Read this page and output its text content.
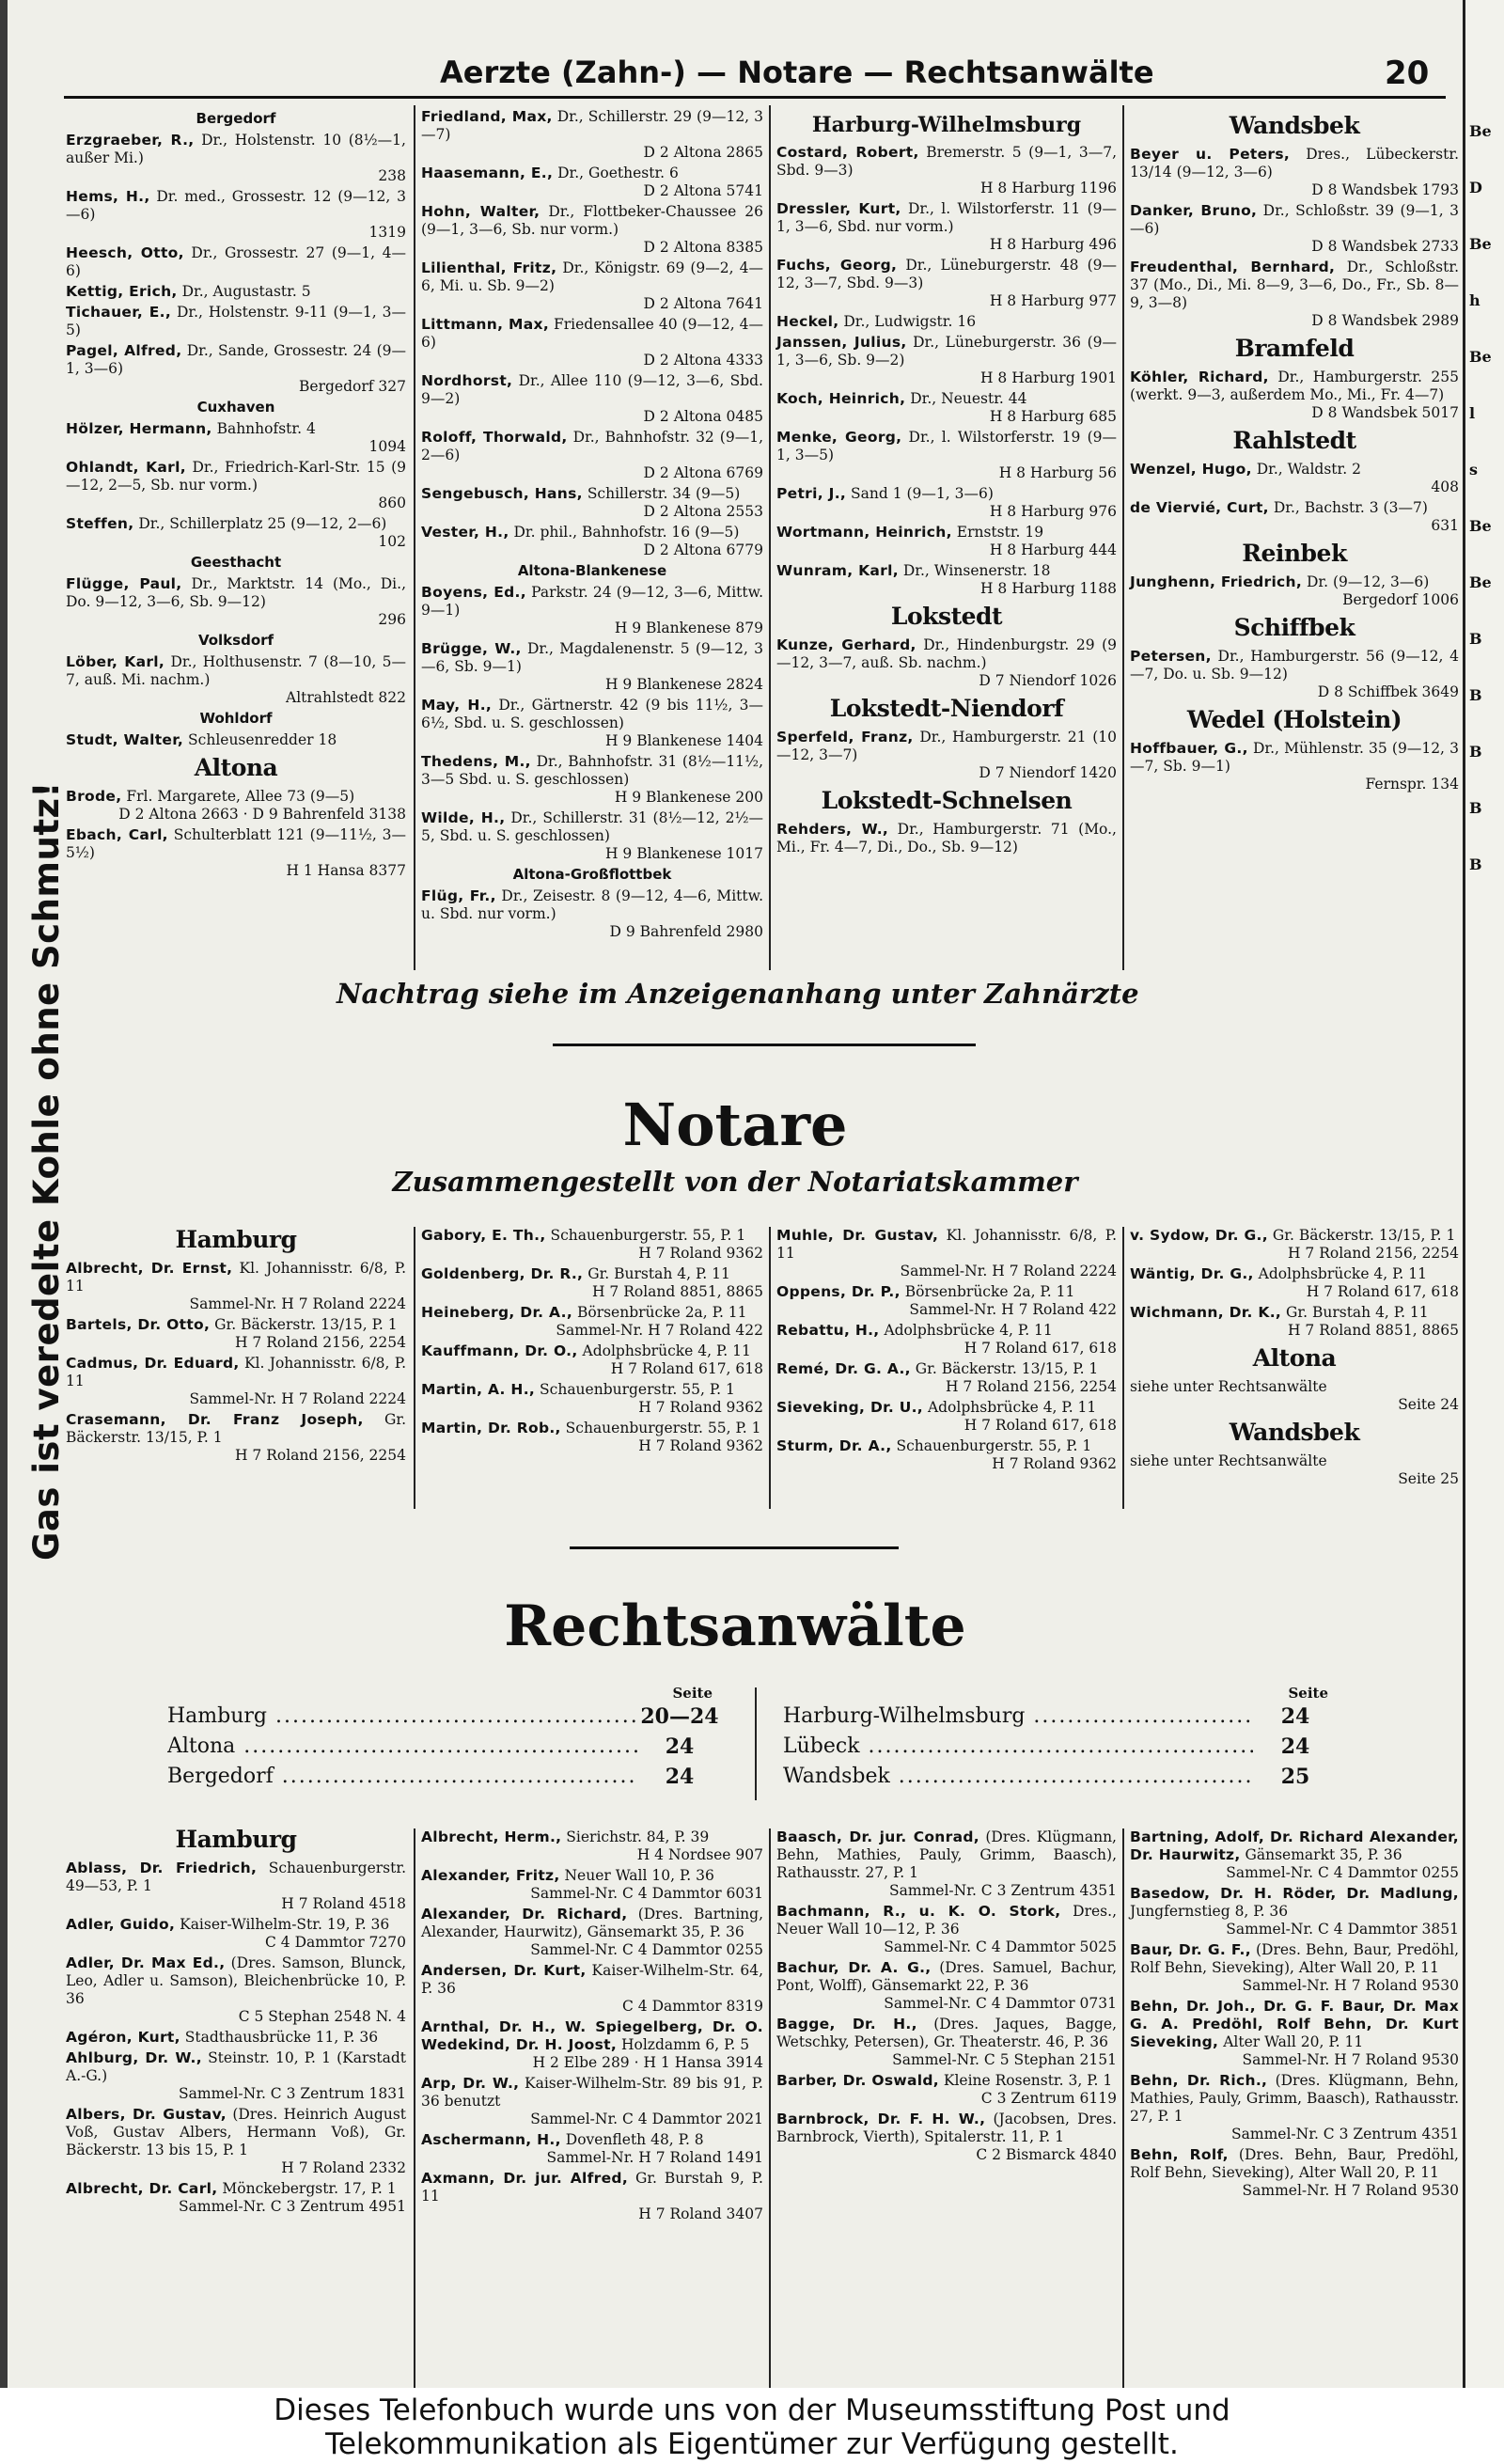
Aerzte (Zahn-) — Notare — Rechtsanwälte	20
Gas ist veredelte Kohle ohne Schmutz!
Bergedorf
Erzgraeber, R., Dr., Holstenstr. 10 (8½—1, außer Mi.)
238
Hems, H., Dr. med., Grossestr. 12 (9—12, 3—6)
1319
Heesch, Otto, Dr., Grossestr. 27 (9—1, 4—6)
Kettig, Erich, Dr., Augustastr. 5
Tichauer, E., Dr., Holstenstr. 9-11 (9—1, 3—5)
Pagel, Alfred, Dr., Sande, Grossestr. 24 (9—1, 3—6)
Bergedorf 327
Cuxhaven
Hölzer, Hermann, Bahnhofstr. 4
1094
Ohlandt, Karl, Dr., Friedrich-Karl-Str. 15 (9—12, 2—5, Sb. nur vorm.)
860
Steffen, Dr., Schillerplatz 25 (9—12, 2—6)
102
Geesthacht
Flügge, Paul, Dr., Marktstr. 14 (Mo., Di., Do. 9—12, 3—6, Sb. 9—12)
296
Volksdorf
Löber, Karl, Dr., Holthusenstr. 7 (8—10, 5—7, auß. Mi. nachm.)
Altrahlstedt 822
Wohldorf
Studt, Walter, Schleusenredder 18
Altona
Brode, Frl. Margarete, Allee 73 (9—5)
D 2 Altona 2663 · D 9 Bahrenfeld 3138
Ebach, Carl, Schulterblatt 121 (9—11½, 3—5½)
H 1 Hansa 8377
Friedland, Max, Dr., Schillerstr. 29 (9—12, 3—7)
D 2 Altona 2865
Haasemann, E., Dr., Goethestr. 6
D 2 Altona 5741
Hohn, Walter, Dr., Flottbeker-Chaussee 26 (9—1, 3—6, Sb. nur vorm.)
D 2 Altona 8385
Lilienthal, Fritz, Dr., Königstr. 69 (9—2, 4—6, Mi. u. Sb. 9—2)
D 2 Altona 7641
Littmann, Max, Friedensallee 40 (9—12, 4—6)
D 2 Altona 4333
Nordhorst, Dr., Allee 110 (9—12, 3—6, Sbd. 9—2)
D 2 Altona 0485
Roloff, Thorwald, Dr., Bahnhofstr. 32 (9—1, 2—6)
D 2 Altona 6769
Sengebusch, Hans, Schillerstr. 34 (9—5)
D 2 Altona 2553
Vester, H., Dr. phil., Bahnhofstr. 16 (9—5)
D 2 Altona 6779
Altona-Blankenese
Boyens, Ed., Parkstr. 24 (9—12, 3—6, Mittw. 9—1)
H 9 Blankenese 879
Brügge, W., Dr., Magdalenenstr. 5 (9—12, 3—6, Sb. 9—1)
H 9 Blankenese 2824
May, H., Dr., Gärtnerstr. 42 (9 bis 11½, 3—6½, Sbd. u. S. geschlossen)
H 9 Blankenese 1404
Thedens, M., Dr., Bahnhofstr. 31 (8½—11½, 3—5 Sbd. u. S. geschlossen)
H 9 Blankenese 200
Wilde, H., Dr., Schillerstr. 31 (8½—12, 2½—5, Sbd. u. S. geschlossen)
H 9 Blankenese 1017
Altona-Großflottbek
Flüg, Fr., Dr., Zeisestr. 8 (9—12, 4—6, Mittw. u. Sbd. nur vorm.)
D 9 Bahrenfeld 2980
Harburg-Wilhelmsburg
Costard, Robert, Bremerstr. 5 (9—1, 3—7, Sbd. 9—3)
H 8 Harburg 1196
Dressler, Kurt, Dr., l. Wilstorferstr. 11 (9—1, 3—6, Sbd. nur vorm.)
H 8 Harburg 496
Fuchs, Georg, Dr., Lüneburgerstr. 48 (9—12, 3—7, Sbd. 9—3)
H 8 Harburg 977
Heckel, Dr., Ludwigstr. 16
Janssen, Julius, Dr., Lüneburgerstr. 36 (9—1, 3—6, Sb. 9—2)
H 8 Harburg 1901
Koch, Heinrich, Dr., Neuestr. 44
H 8 Harburg 685
Menke, Georg, Dr., l. Wilstorferstr. 19 (9—1, 3—5)
H 8 Harburg 56
Petri, J., Sand 1 (9—1, 3—6)
H 8 Harburg 976
Wortmann, Heinrich, Ernststr. 19
H 8 Harburg 444
Wunram, Karl, Dr., Winsenerstr. 18
H 8 Harburg 1188
Lokstedt
Kunze, Gerhard, Dr., Hindenburgstr. 29 (9—12, 3—7, auß. Sb. nachm.)
D 7 Niendorf 1026
Lokstedt-Niendorf
Sperfeld, Franz, Dr., Hamburgerstr. 21 (10—12, 3—7)
D 7 Niendorf 1420
Lokstedt-Schnelsen
Rehders, W., Dr., Hamburgerstr. 71 (Mo., Mi., Fr. 4—7, Di., Do., Sb. 9—12)
Wandsbek
Beyer u. Peters, Dres., Lübeckerstr. 13/14 (9—12, 3—6)
D 8 Wandsbek 1793
Danker, Bruno, Dr., Schloßstr. 39 (9—1, 3—6)
D 8 Wandsbek 2733
Freudenthal, Bernhard, Dr., Schloßstr. 37 (Mo., Di., Mi. 8—9, 3—6, Do., Fr., Sb. 8—9, 3—8)
D 8 Wandsbek 2989
Bramfeld
Köhler, Richard, Dr., Hamburgerstr. 255 (werkt. 9—3, außerdem Mo., Mi., Fr. 4—7)
D 8 Wandsbek 5017
Rahlstedt
Wenzel, Hugo, Dr., Waldstr. 2
408
de Viervié, Curt, Dr., Bachstr. 3 (3—7)
631
Reinbek
Junghenn, Friedrich, Dr. (9—12, 3—6)
Bergedorf 1006
Schiffbek
Petersen, Dr., Hamburgerstr. 56 (9—12, 4—7, Do. u. Sb. 9—12)
D 8 Schiffbek 3649
Wedel (Holstein)
Hoffbauer, G., Dr., Mühlenstr. 35 (9—12, 3—7, Sb. 9—1)
Fernspr. 134
Nachtrag siehe im Anzeigenanhang unter Zahnärzte
Notare
Zusammengestellt von der Notariatskammer
Hamburg
Albrecht, Dr. Ernst, Kl. Johannisstr. 6/8, P. 11
Sammel-Nr. H 7 Roland 2224
Bartels, Dr. Otto, Gr. Bäckerstr. 13/15, P. 1
H 7 Roland 2156, 2254
Cadmus, Dr. Eduard, Kl. Johannisstr. 6/8, P. 11
Sammel-Nr. H 7 Roland 2224
Crasemann, Dr. Franz Joseph, Gr. Bäckerstr. 13/15, P. 1
H 7 Roland 2156, 2254
Gabory, E. Th., Schauenburgerstr. 55, P. 1
H 7 Roland 9362
Goldenberg, Dr. R., Gr. Burstah 4, P. 11
H 7 Roland 8851, 8865
Heineberg, Dr. A., Börsenbrücke 2a, P. 11
Sammel-Nr. H 7 Roland 422
Kauffmann, Dr. O., Adolphsbrücke 4, P. 11
H 7 Roland 617, 618
Martin, A. H., Schauenburgerstr. 55, P. 1
H 7 Roland 9362
Martin, Dr. Rob., Schauenburgerstr. 55, P. 1
H 7 Roland 9362
Muhle, Dr. Gustav, Kl. Johannisstr. 6/8, P. 11
Sammel-Nr. H 7 Roland 2224
Oppens, Dr. P., Börsenbrücke 2a, P. 11
Sammel-Nr. H 7 Roland 422
Rebattu, H., Adolphsbrücke 4, P. 11
H 7 Roland 617, 618
Remé, Dr. G. A., Gr. Bäckerstr. 13/15, P. 1
H 7 Roland 2156, 2254
Sieveking, Dr. U., Adolphsbrücke 4, P. 11
H 7 Roland 617, 618
Sturm, Dr. A., Schauenburgerstr. 55, P. 1
H 7 Roland 9362
v. Sydow, Dr. G., Gr. Bäckerstr. 13/15, P. 1
H 7 Roland 2156, 2254
Wäntig, Dr. G., Adolphsbrücke 4, P. 11
H 7 Roland 617, 618
Wichmann, Dr. K., Gr. Burstah 4, P. 11
H 7 Roland 8851, 8865
Altona
siehe unter Rechtsanwälte
Seite 24
Wandsbek
siehe unter Rechtsanwälte
Seite 25
Rechtsanwälte
Seite
Hamburg .....	20—24
Altona .....	24
Bergedorf .....	24
Seite
Harburg-Wilhelmsburg .....	24
Lübeck .....	24
Wandsbek .....	25
Hamburg
Ablass, Dr. Friedrich, Schauenburgerstr. 49—53, P. 1
H 7 Roland 4518
Adler, Guido, Kaiser-Wilhelm-Str. 19, P. 36
C 4 Dammtor 7270
Adler, Dr. Max Ed., (Dres. Samson, Blunck, Leo, Adler u. Samson), Bleichenbrücke 10, P. 36
C 5 Stephan 2548 N. 4
Agéron, Kurt, Stadthausbrücke 11, P. 36
Ahlburg, Dr. W., Steinstr. 10, P. 1 (Karstadt A.-G.)
Sammel-Nr. C 3 Zentrum 1831
Albers, Dr. Gustav, (Dres. Heinrich August Voß, Gustav Albers, Hermann Voß), Gr. Bäckerstr. 13 bis 15, P. 1
H 7 Roland 2332
Albrecht, Dr. Carl, Mönckebergstr. 17, P. 1
Sammel-Nr. C 3 Zentrum 4951
Albrecht, Herm., Sierichstr. 84, P. 39
H 4 Nordsee 907
Alexander, Fritz, Neuer Wall 10, P. 36
Sammel-Nr. C 4 Dammtor 6031
Alexander, Dr. Richard, (Dres. Bartning, Alexander, Haurwitz), Gänsemarkt 35, P. 36
Sammel-Nr. C 4 Dammtor 0255
Andersen, Dr. Kurt, Kaiser-Wilhelm-Str. 64, P. 36
C 4 Dammtor 8319
Arnthal, Dr. H., W. Spiegelberg, Dr. O. Wedekind, Dr. H. Joost, Holzdamm 6, P. 5
H 2 Elbe 289 · H 1 Hansa 3914
Arp, Dr. W., Kaiser-Wilhelm-Str. 89 bis 91, P. 36 benutzt
Sammel-Nr. C 4 Dammtor 2021
Aschermann, H., Dovenfleth 48, P. 8
Sammel-Nr. H 7 Roland 1491
Axmann, Dr. jur. Alfred, Gr. Burstah 9, P. 11
H 7 Roland 3407
Baasch, Dr. jur. Conrad, (Dres. Klügmann, Behn, Mathies, Pauly, Grimm, Baasch), Rathausstr. 27, P. 1
Sammel-Nr. C 3 Zentrum 4351
Bachmann, R., u. K. O. Stork, Dres., Neuer Wall 10—12, P. 36
Sammel-Nr. C 4 Dammtor 5025
Bachur, Dr. A. G., (Dres. Samuel, Bachur, Pont, Wolff), Gänsemarkt 22, P. 36
Sammel-Nr. C 4 Dammtor 0731
Bagge, Dr. H., (Dres. Jaques, Bagge, Wetschky, Petersen), Gr. Theaterstr. 46, P. 36
Sammel-Nr. C 5 Stephan 2151
Barber, Dr. Oswald, Kleine Rosenstr. 3, P. 1
C 3 Zentrum 6119
Barnbrock, Dr. F. H. W., (Jacobsen, Dres. Barnbrock, Vierth), Spitalerstr. 11, P. 1
C 2 Bismarck 4840
Bartning, Adolf, Dr. Richard Alexander, Dr. Haurwitz, Gänsemarkt 35, P. 36
Sammel-Nr. C 4 Dammtor 0255
Basedow, Dr. H. Röder, Dr. Madlung, Jungfernstieg 8, P. 36
Sammel-Nr. C 4 Dammtor 3851
Baur, Dr. G. F., (Dres. Behn, Baur, Predöhl, Rolf Behn, Sieveking), Alter Wall 20, P. 11
Sammel-Nr. H 7 Roland 9530
Behn, Dr. Joh., Dr. G. F. Baur, Dr. Max G. A. Predöhl, Rolf Behn, Dr. Kurt Sieveking, Alter Wall 20, P. 11
Sammel-Nr. H 7 Roland 9530
Behn, Dr. Rich., (Dres. Klügmann, Behn, Mathies, Pauly, Grimm, Baasch), Rathausstr. 27, P. 1
Sammel-Nr. C 3 Zentrum 4351
Behn, Rolf, (Dres. Behn, Baur, Predöhl, Rolf Behn, Sieveking), Alter Wall 20, P. 11
Sammel-Nr. H 7 Roland 9530
Be
D
Be
h
Be
l
s
Be
Be
B
B
B
B
B
Dieses Telefonbuch wurde uns von der Museumsstiftung Post und
Telekommunikation als Eigentümer zur Verfügung gestellt.
